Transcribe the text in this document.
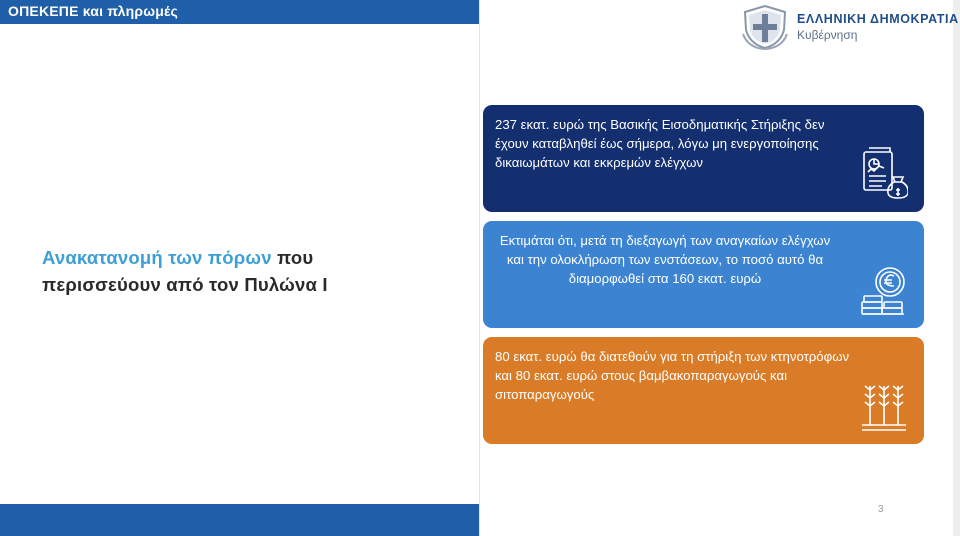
ΟΠΕΚΕΠΕ και πληρωμές	ΕΛΛΗΝΙΚΗ ΔΗΜΟΚΡΑΤΙΑ
Κυβέρνηση
Ανακατανομή των πόρων που
περισσεύουν από τον Πυλώνα Ι
237 εκατ. ευρώ της Βασικής Εισοδηματικής Στήριξης δεν έχουν καταβληθεί έως σήμερα, λόγω μη ενεργοποίησης δικαιωμάτων και εκκρεμών ελέγχων
Εκτιμάται ότι, μετά τη διεξαγωγή των αναγκαίων ελέγχων και την ολοκλήρωση των ενστάσεων, το ποσό αυτό θα διαμορφωθεί στα 160 εκατ. ευρώ
80 εκατ. ευρώ θα διατεθούν για τη στήριξη των κτηνοτρόφων και 80 εκατ. ευρώ στους βαμβακοπαραγωγούς και σιτοπαραγωγούς
3
